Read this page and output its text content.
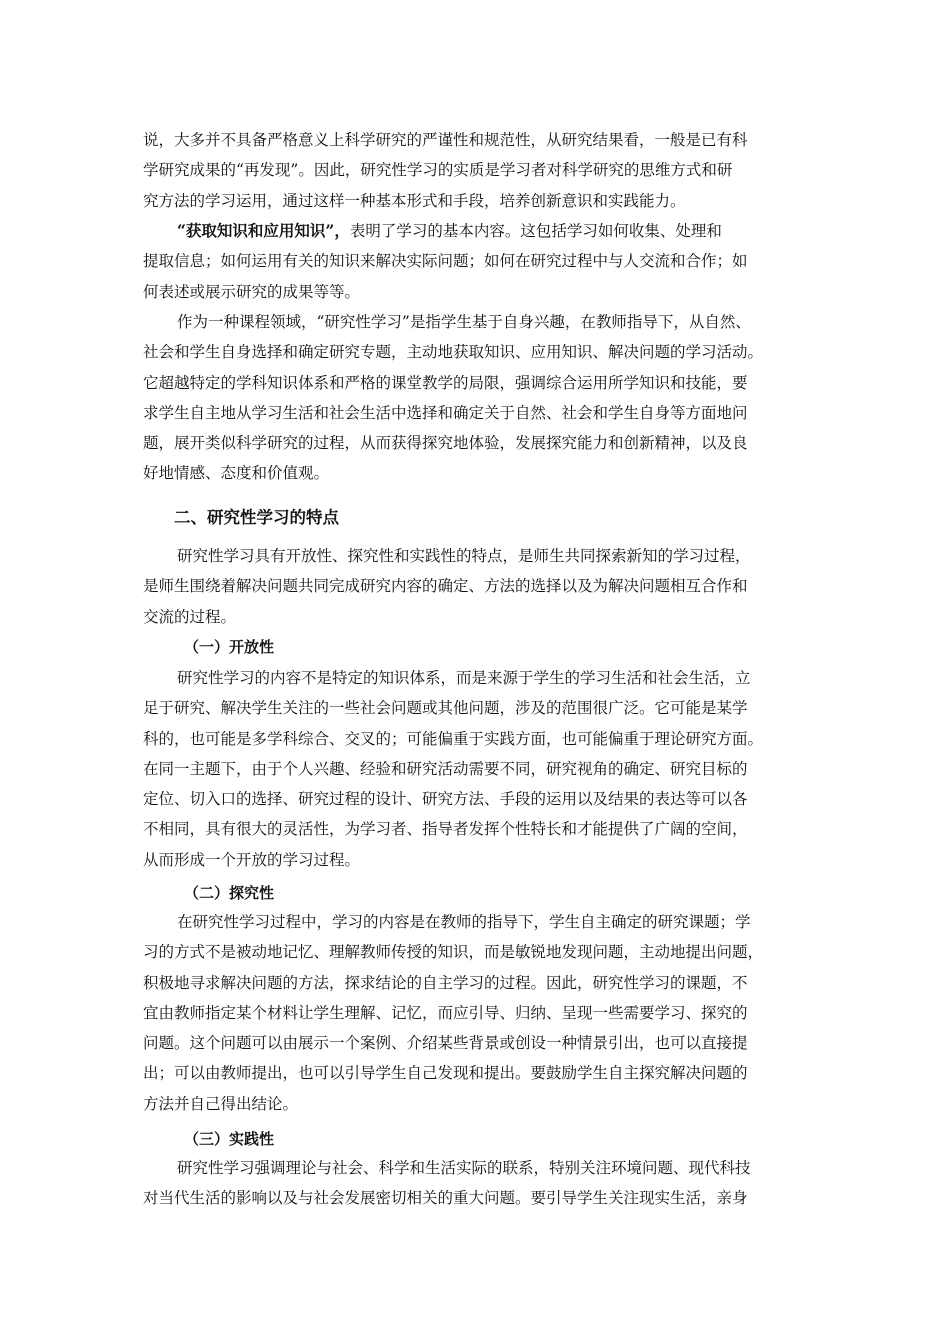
说，大多并不具备严格意义上科学研究的严谨性和规范性，从研究结果看，一般是已有科
学研究成果的“再发现”。因此，研究性学习的实质是学习者对科学研究的思维方式和研
究方法的学习运用，通过这样一种基本形式和手段，培养创新意识和实践能力。
“获取知识和应用知识”，表明了学习的基本内容。这包括学习如何收集、处理和
提取信息；如何运用有关的知识来解决实际问题；如何在研究过程中与人交流和合作；如
何表述或展示研究的成果等等。
作为一种课程领域，“研究性学习”是指学生基于自身兴趣，在教师指导下，从自然、
社会和学生自身选择和确定研究专题，主动地获取知识、应用知识、解决问题的学习活动。
它超越特定的学科知识体系和严格的课堂教学的局限，强调综合运用所学知识和技能，要
求学生自主地从学习生活和社会生活中选择和确定关于自然、社会和学生自身等方面地问
题，展开类似科学研究的过程，从而获得探究地体验，发展探究能力和创新精神，以及良
好地情感、态度和价值观。
二、研究性学习的特点
研究性学习具有开放性、探究性和实践性的特点，是师生共同探索新知的学习过程，
是师生围绕着解决问题共同完成研究内容的确定、方法的选择以及为解决问题相互合作和
交流的过程。
（一）开放性
研究性学习的内容不是特定的知识体系，而是来源于学生的学习生活和社会生活，立
足于研究、解决学生关注的一些社会问题或其他问题，涉及的范围很广泛。它可能是某学
科的，也可能是多学科综合、交叉的；可能偏重于实践方面，也可能偏重于理论研究方面。
在同一主题下，由于个人兴趣、经验和研究活动需要不同，研究视角的确定、研究目标的
定位、切入口的选择、研究过程的设计、研究方法、手段的运用以及结果的表达等可以各
不相同，具有很大的灵活性，为学习者、指导者发挥个性特长和才能提供了广阔的空间，
从而形成一个开放的学习过程。
（二）探究性
在研究性学习过程中，学习的内容是在教师的指导下，学生自主确定的研究课题；学
习的方式不是被动地记忆、理解教师传授的知识，而是敏锐地发现问题，主动地提出问题，
积极地寻求解决问题的方法，探求结论的自主学习的过程。因此，研究性学习的课题，不
宜由教师指定某个材料让学生理解、记忆，而应引导、归纳、呈现一些需要学习、探究的
问题。这个问题可以由展示一个案例、介绍某些背景或创设一种情景引出，也可以直接提
出；可以由教师提出，也可以引导学生自己发现和提出。要鼓励学生自主探究解决问题的
方法并自己得出结论。
（三）实践性
研究性学习强调理论与社会、科学和生活实际的联系，特别关注环境问题、现代科技
对当代生活的影响以及与社会发展密切相关的重大问题。要引导学生关注现实生活，亲身
